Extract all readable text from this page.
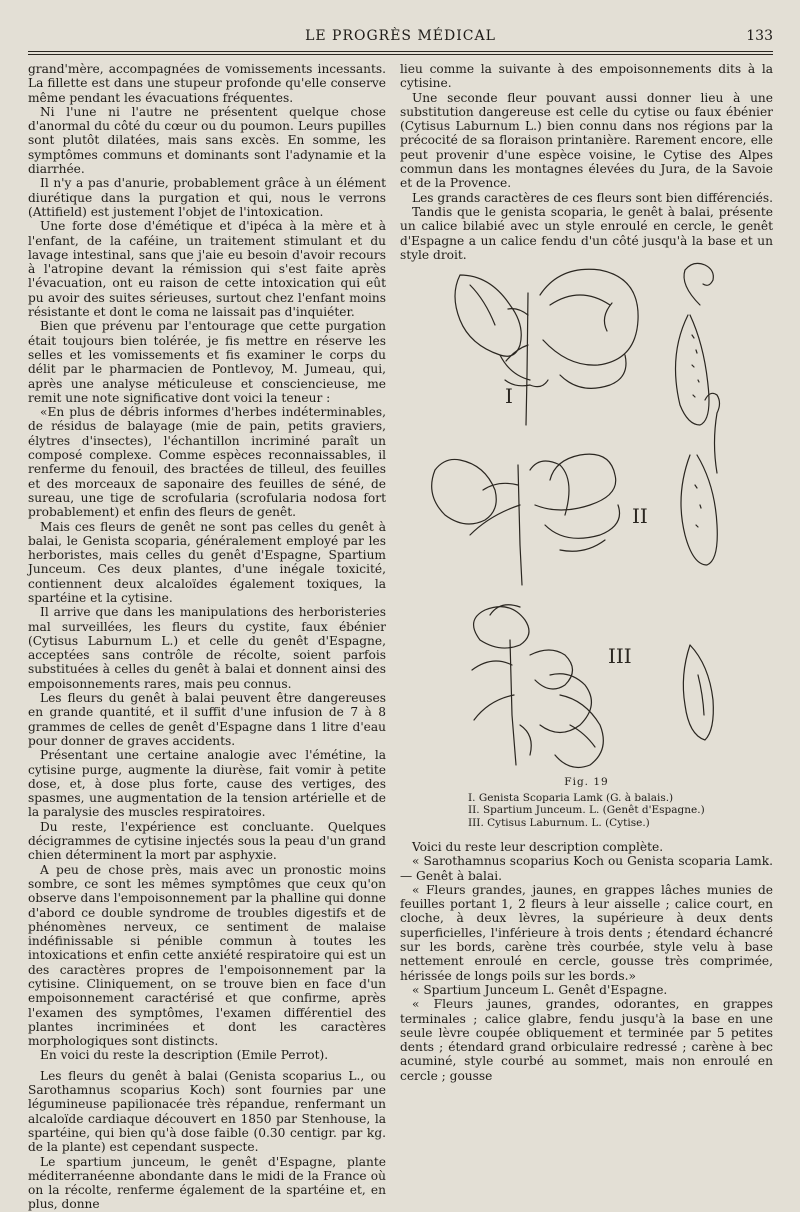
LE PROGRÈS MÉDICAL	133

grand'mère, accompagnées de vomissements incessants. La fillette est dans une stupeur profonde qu'elle conserve même pendant les évacuations fréquentes.

Ni l'une ni l'autre ne présentent quelque chose d'anormal du côté du cœur ou du poumon. Leurs pupilles sont plutôt dilatées, mais sans excès. En somme, les symptômes communs et dominants sont l'adynamie et la diarrhée.

Il n'y a pas d'anurie, probablement grâce à un élément diurétique dans la purgation et qui, nous le verrons (Attifield) est justement l'objet de l'intoxication.

Une forte dose d'émétique et d'ipéca à la mère et à l'enfant, de la caféine, un traitement stimulant et du lavage intestinal, sans que j'aie eu besoin d'avoir recours à l'atropine devant la rémission qui s'est faite après l'évacuation, ont eu raison de cette intoxication qui eût pu avoir des suites sérieuses, surtout chez l'enfant moins résistante et dont le coma ne laissait pas d'inquiéter.

Bien que prévenu par l'entourage que cette purgation était toujours bien tolérée, je fis mettre en réserve les selles et les vomissements et fis examiner le corps du délit par le pharmacien de Pontlevoy, M. Jumeau, qui, après une analyse méticuleuse et consciencieuse, me remit une note significative dont voici la teneur :

«En plus de débris informes d'herbes indéterminables, de résidus de balayage (mie de pain, petits graviers, élytres d'insectes), l'échantillon incriminé paraît un composé complexe. Comme espèces reconnaissables, il renferme du fenouil, des bractées de tilleul, des feuilles et des morceaux de saponaire des feuilles de séné, de sureau, une tige de scrofularia (scrofularia nodosa fort probablement) et enfin des fleurs de genêt.

Mais ces fleurs de genêt ne sont pas celles du genêt à balai, le Genista scoparia, généralement employé par les herboristes, mais celles du genêt d'Espagne, Spartium Junceum. Ces deux plantes, d'une inégale toxicité, contiennent deux alcaloïdes également toxiques, la spartéine et la cytisine.

Il arrive que dans les manipulations des herboristeries mal surveillées, les fleurs du cystite, faux ébénier (Cytisus Laburnum L.) et celle du genêt d'Espagne, acceptées sans contrôle de récolte, soient parfois substituées à celles du genêt à balai et donnent ainsi des empoisonnements rares, mais peu connus.

Les fleurs du genêt à balai peuvent être dangereuses en grande quantité, et il suffit d'une infusion de 7 à 8 grammes de celles de genêt d'Espagne dans 1 litre d'eau pour donner de graves accidents.

Présentant une certaine analogie avec l'émétine, la cytisine purge, augmente la diurèse, fait vomir à petite dose, et, à dose plus forte, cause des vertiges, des spasmes, une augmentation de la tension artérielle et de la paralysie des muscles respiratoires.

Du reste, l'expérience est concluante. Quelques décigrammes de cytisine injectés sous la peau d'un grand chien déterminent la mort par asphyxie.

A peu de chose près, mais avec un pronostic moins sombre, ce sont les mêmes symptômes que ceux qu'on observe dans l'empoisonnement par la phalline qui donne d'abord ce double syndrome de troubles digestifs et de phénomènes nerveux, ce sentiment de malaise indéfinissable si pénible commun à toutes les intoxications et enfin cette anxiété respiratoire qui est un des caractères propres de l'empoisonnement par la cytisine. Cliniquement, on se trouve bien en face d'un empoisonnement caractérisé et que confirme, après l'examen des symptômes, l'examen différentiel des plantes incriminées et dont les caractères morphologiques sont distincts.

En voici du reste la description (Emile Perrot).

Les fleurs du genêt à balai (Genista scoparius L., ou Sarothamnus scoparius Koch) sont fournies par une légumineuse papilionacée très répandue, renfermant un alcaloïde cardiaque découvert en 1850 par Stenhouse, la spartéine, qui bien qu'à dose faible (0.30 centigr. par kg. de la plante) est cependant suspecte.

Le spartium junceum, le genêt d'Espagne, plante méditerranéenne abondante dans le midi de la France où on la récolte, renferme également de la spartéine et, en plus, donne

lieu comme la suivante à des empoisonnements dits à la cytisine.

Une seconde fleur pouvant aussi donner lieu à une substitution dangereuse est celle du cytise ou faux ébénier (Cytisus Laburnum L.) bien connu dans nos régions par la précocité de sa floraison printanière. Rarement encore, elle peut provenir d'une espèce voisine, le Cytise des Alpes commun dans les montagnes élevées du Jura, de la Savoie et de la Provence.

Les grands caractères de ces fleurs sont bien différenciés.

Tandis que le genista scoparia, le genêt à balai, présente un calice bilabié avec un style enroulé en cercle, le genêt d'Espagne a un calice fendu d'un côté jusqu'à la base et un style droit.

I
II
III
Fig. 19
I. Genista Scoparia Lamk (G. à balais.)
II. Spartium Junceum. L. (Genêt d'Espagne.)
III. Cytisus Laburnum. L. (Cytise.)

Voici du reste leur description complète.

« Sarothamnus scoparius Koch ou Genista scoparia Lamk.— Genêt à balai.

« Fleurs grandes, jaunes, en grappes lâches munies de feuilles portant 1, 2 fleurs à leur aisselle ; calice court, en cloche, à deux lèvres, la supérieure à deux dents superficielles, l'inférieure à trois dents ; étendard échancré sur les bords, carène très courbée, style velu à base nettement enroulé en cercle, gousse très comprimée, hérissée de longs poils sur les bords.»

« Spartium Junceum L. Genêt d'Espagne.

« Fleurs jaunes, grandes, odorantes, en grappes terminales ; calice glabre, fendu jusqu'à la base en une seule lèvre coupée obliquement et terminée par 5 petites dents ; étendard grand orbiculaire redressé ; carène à bec acuminé, style courbé au sommet, mais non enroulé en cercle ; gousse
